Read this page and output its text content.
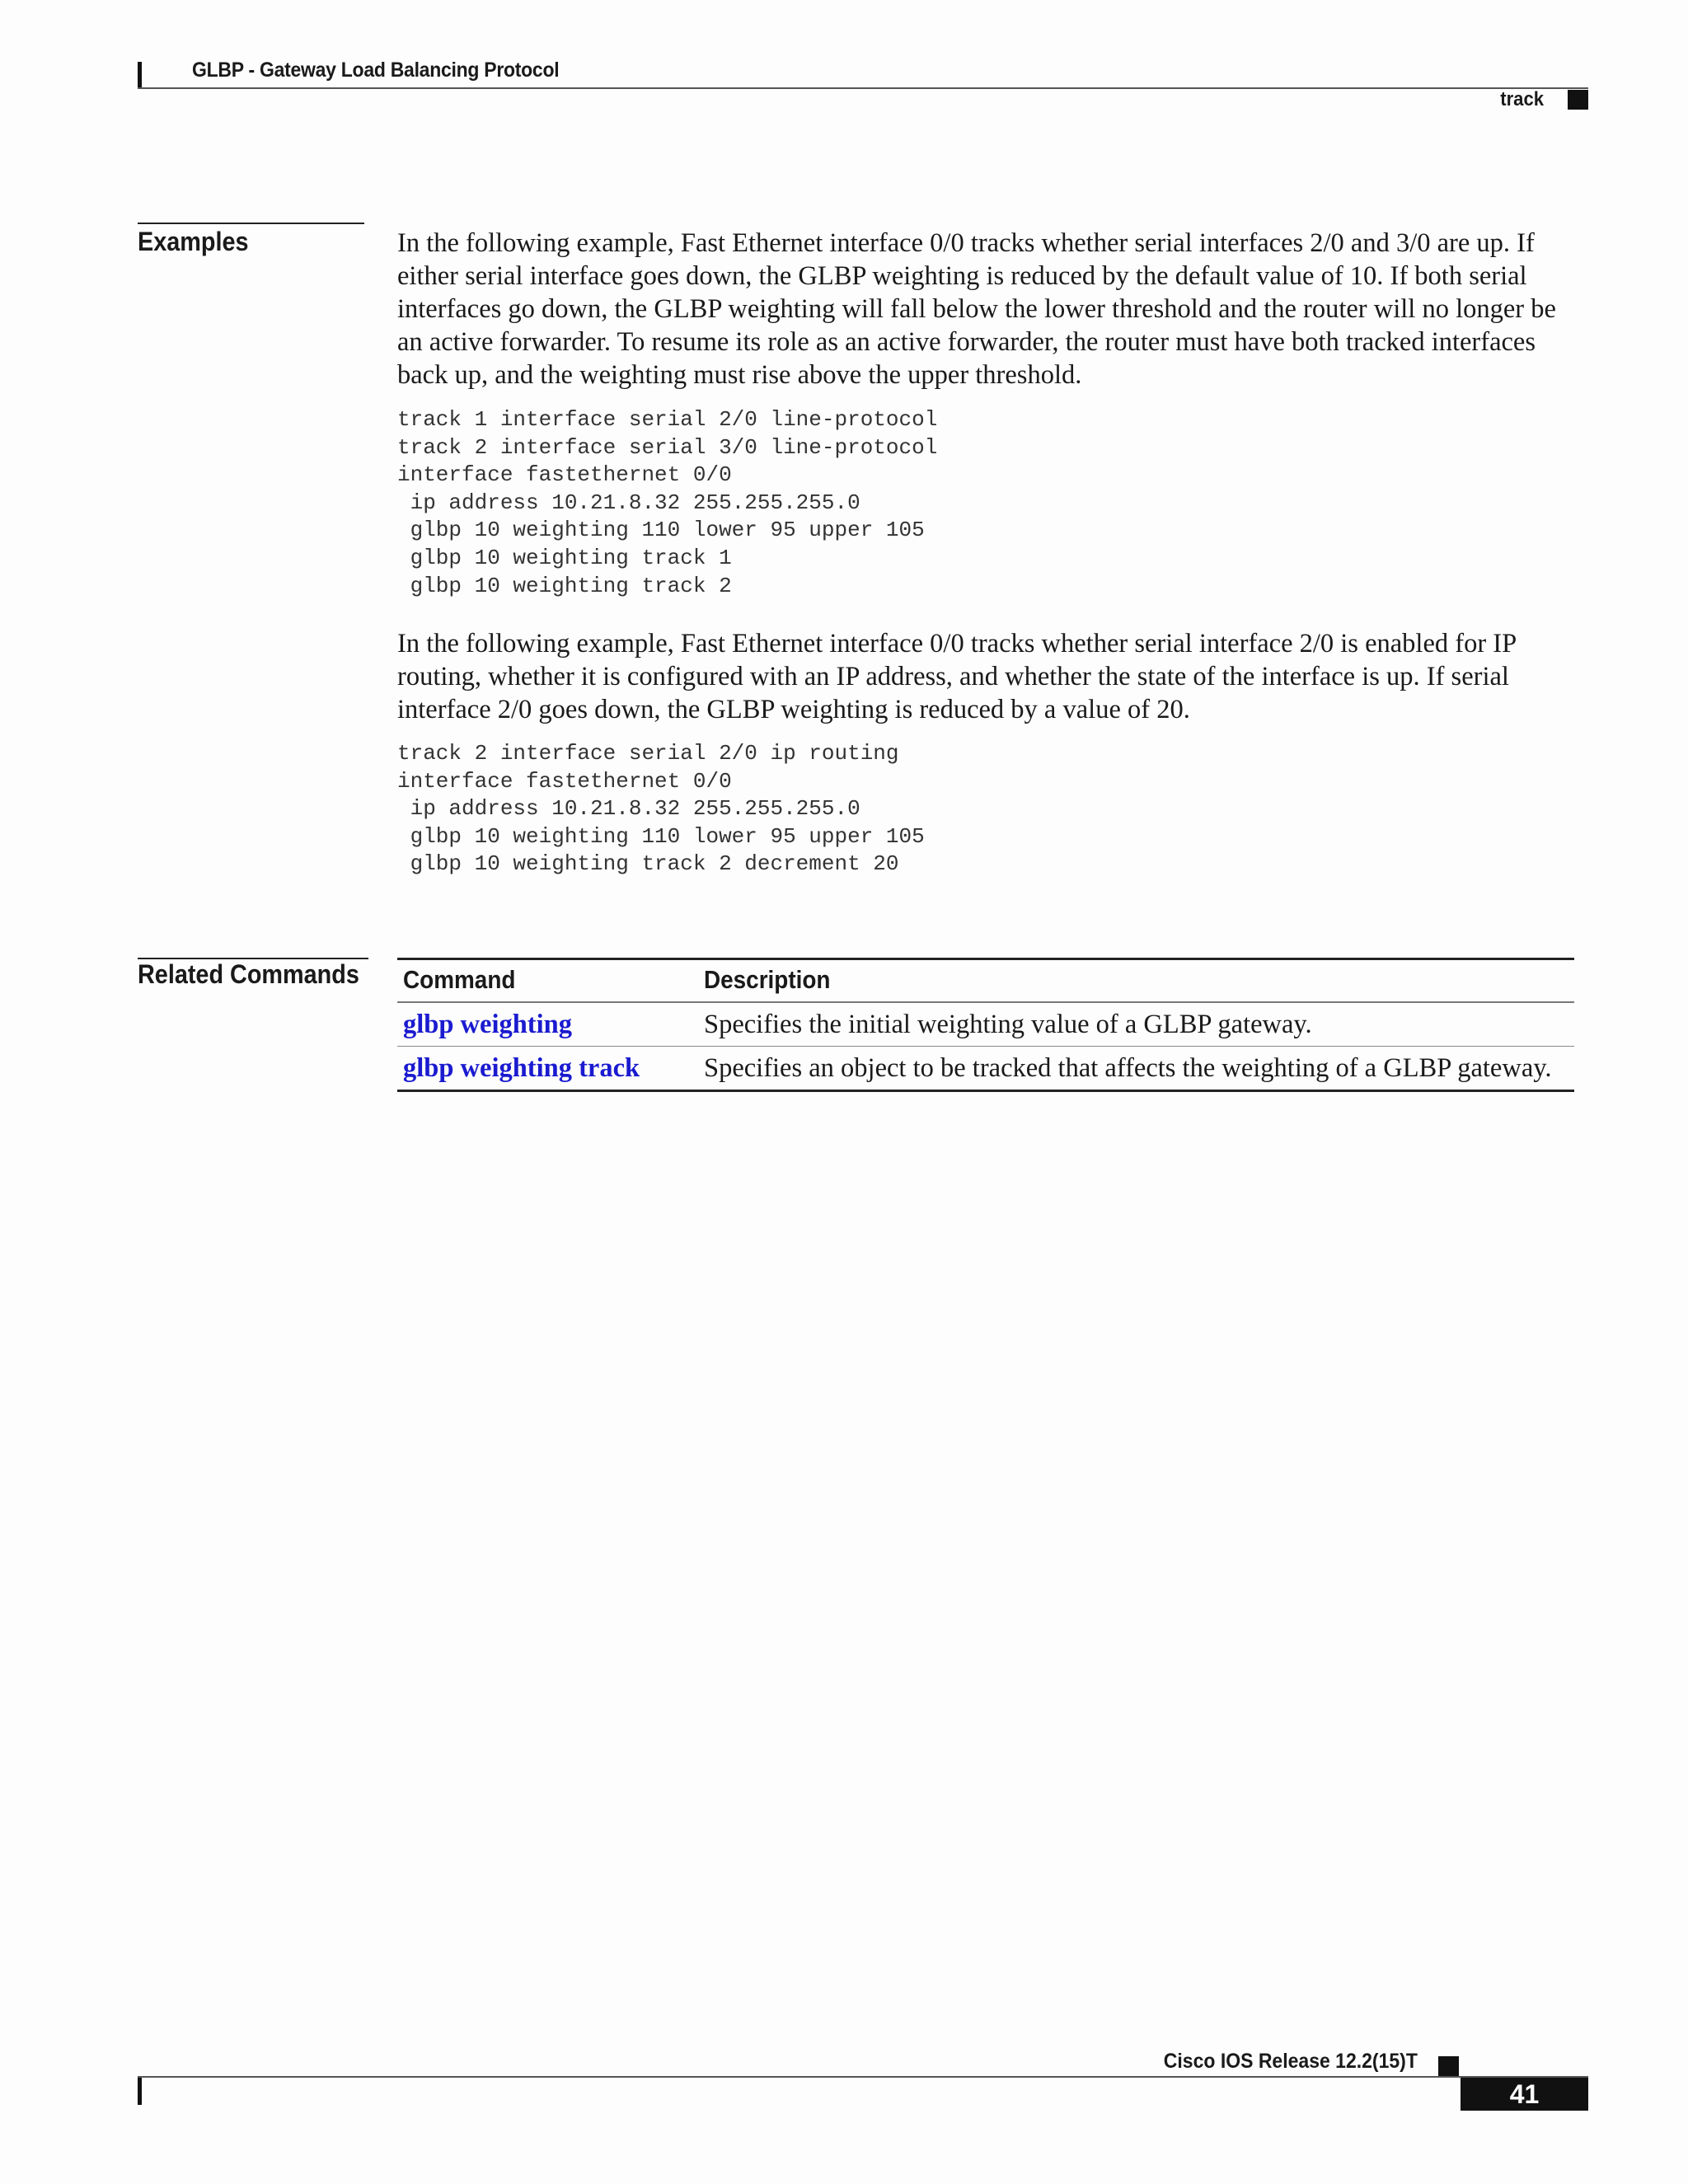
GLBP - Gateway Load Balancing Protocol
track
Examples	In the following example, Fast Ethernet interface 0/0 tracks whether serial interfaces 2/0 and 3/0 are up. If either serial interface goes down, the GLBP weighting is reduced by the default value of 10. If both serial interfaces go down, the GLBP weighting will fall below the lower threshold and the router will no longer be an active forwarder. To resume its role as an active forwarder, the router must have both tracked interfaces back up, and the weighting must rise above the upper threshold.

track 1 interface serial 2/0 line-protocol
track 2 interface serial 3/0 line-protocol
interface fastethernet 0/0
ip address 10.21.8.32 255.255.255.0
glbp 10 weighting 110 lower 95 upper 105
glbp 10 weighting track 1
glbp 10 weighting track 2

In the following example, Fast Ethernet interface 0/0 tracks whether serial interface 2/0 is enabled for IP routing, whether it is configured with an IP address, and whether the state of the interface is up. If serial interface 2/0 goes down, the GLBP weighting is reduced by a value of 20.

track 2 interface serial 2/0 ip routing
interface fastethernet 0/0
ip address 10.21.8.32 255.255.255.0
glbp 10 weighting 110 lower 95 upper 105
glbp 10 weighting track 2 decrement 20
Related Commands Command	Description
glbp weighting	Specifies the initial weighting value of a GLBP gateway.
glbp weighting track	Specifies an object to be tracked that affects the weighting of a GLBP gateway.
Cisco IOS Release 12.2(15)T
41
